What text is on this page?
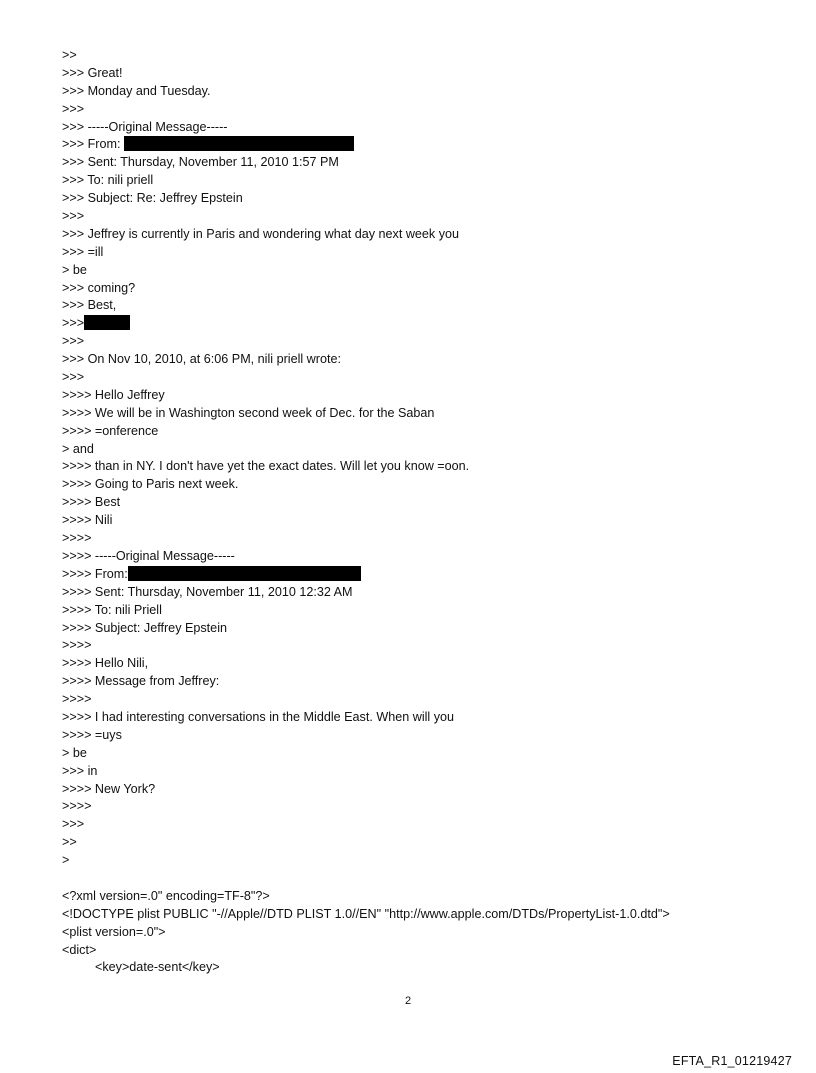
>>
>>> Great!
>>> Monday and Tuesday.
>>>
>>> -----Original Message-----
>>> From:
>>> Sent: Thursday, November 11, 2010 1:57 PM
>>> To: nili priell
>>> Subject: Re: Jeffrey Epstein
>>>
>>> Jeffrey is currently in Paris and wondering what day next week you
>>> =ill
> be
>>> coming?
>>> Best,
>>>
>>>
>>> On Nov 10, 2010, at 6:06 PM, nili priell wrote:
>>>
>>>> Hello Jeffrey
>>>> We will be in Washington second week of Dec. for the Saban
>>>> =onference
> and
>>>> than in NY. I don't have yet the exact dates. Will let you know =oon.
>>>> Going to Paris next week.
>>>> Best
>>>> Nili
>>>>
>>>> -----Original Message-----
>>>> From:
>>>> Sent: Thursday, November 11, 2010 12:32 AM
>>>> To: nili Priell
>>>> Subject: Jeffrey Epstein
>>>>
>>>> Hello Nili,
>>>> Message from Jeffrey:
>>>>
>>>> I had interesting conversations in the Middle East. When will you
>>>> =uys
> be
>>> in
>>>> New York?
>>>>
>>>
>>
>
<?xml version=.0" encoding=TF-8"?>
<!DOCTYPE plist PUBLIC "-//Apple//DTD PLIST 1.0//EN" "http://www.apple.com/DTDs/PropertyList-1.0.dtd">
<plist version=.0">
<dict>
<key>date-sent</key>
2
EFTA_R1_01219427
